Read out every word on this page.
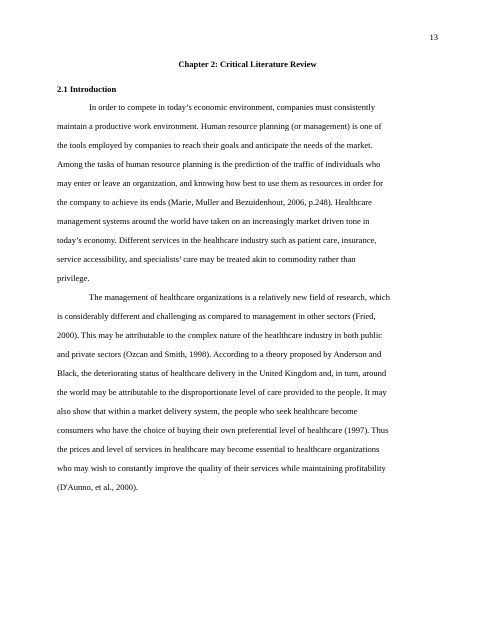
13
Chapter 2: Critical Literature Review
2.1 Introduction
In order to compete in today’s economic environment, companies must consistently
maintain a productive work environment. Human resource planning (or management) is one of
the tools employed by companies to reach their goals and anticipate the needs of the market.
Among the tasks of human resource planning is the prediction of the traffic of individuals who
may enter or leave an organization, and knowing how best to use them as resources in order for
the company to achieve its ends (Marie, Muller and Bezuidenhout, 2006, p.248). Healthcare
management systems around the world have taken on an increasingly market driven tone in
today’s economy. Different services in the healthcare industry such as patient care, insurance,
service accessibility, and specialists’ care may be treated akin to commodity rather than
privilege.
The management of healthcare organizations is a relatively new field of research, which
is considerably different and challenging as compared to management in other sectors (Fried,
2000). This may be attributable to the complex nature of the heatlthcare industry in both public
and private sectors (Ozcan and Smith, 1998). According to a theory proposed by Anderson and
Black, the deteriorating status of healthcare delivery in the United Kingdom and, in turn, around
the world may be attributable to the disproportionate level of care provided to the people. It may
also show that within a market delivery system, the people who seek healthcare become
consumers who have the choice of buying their own preferential level of healthcare (1997). Thus
the prices and level of services in healthcare may become essential to healthcare organizations
who may wish to constantly improve the quality of their services while maintaining profitability
(D'Aunno, et al., 2000).
